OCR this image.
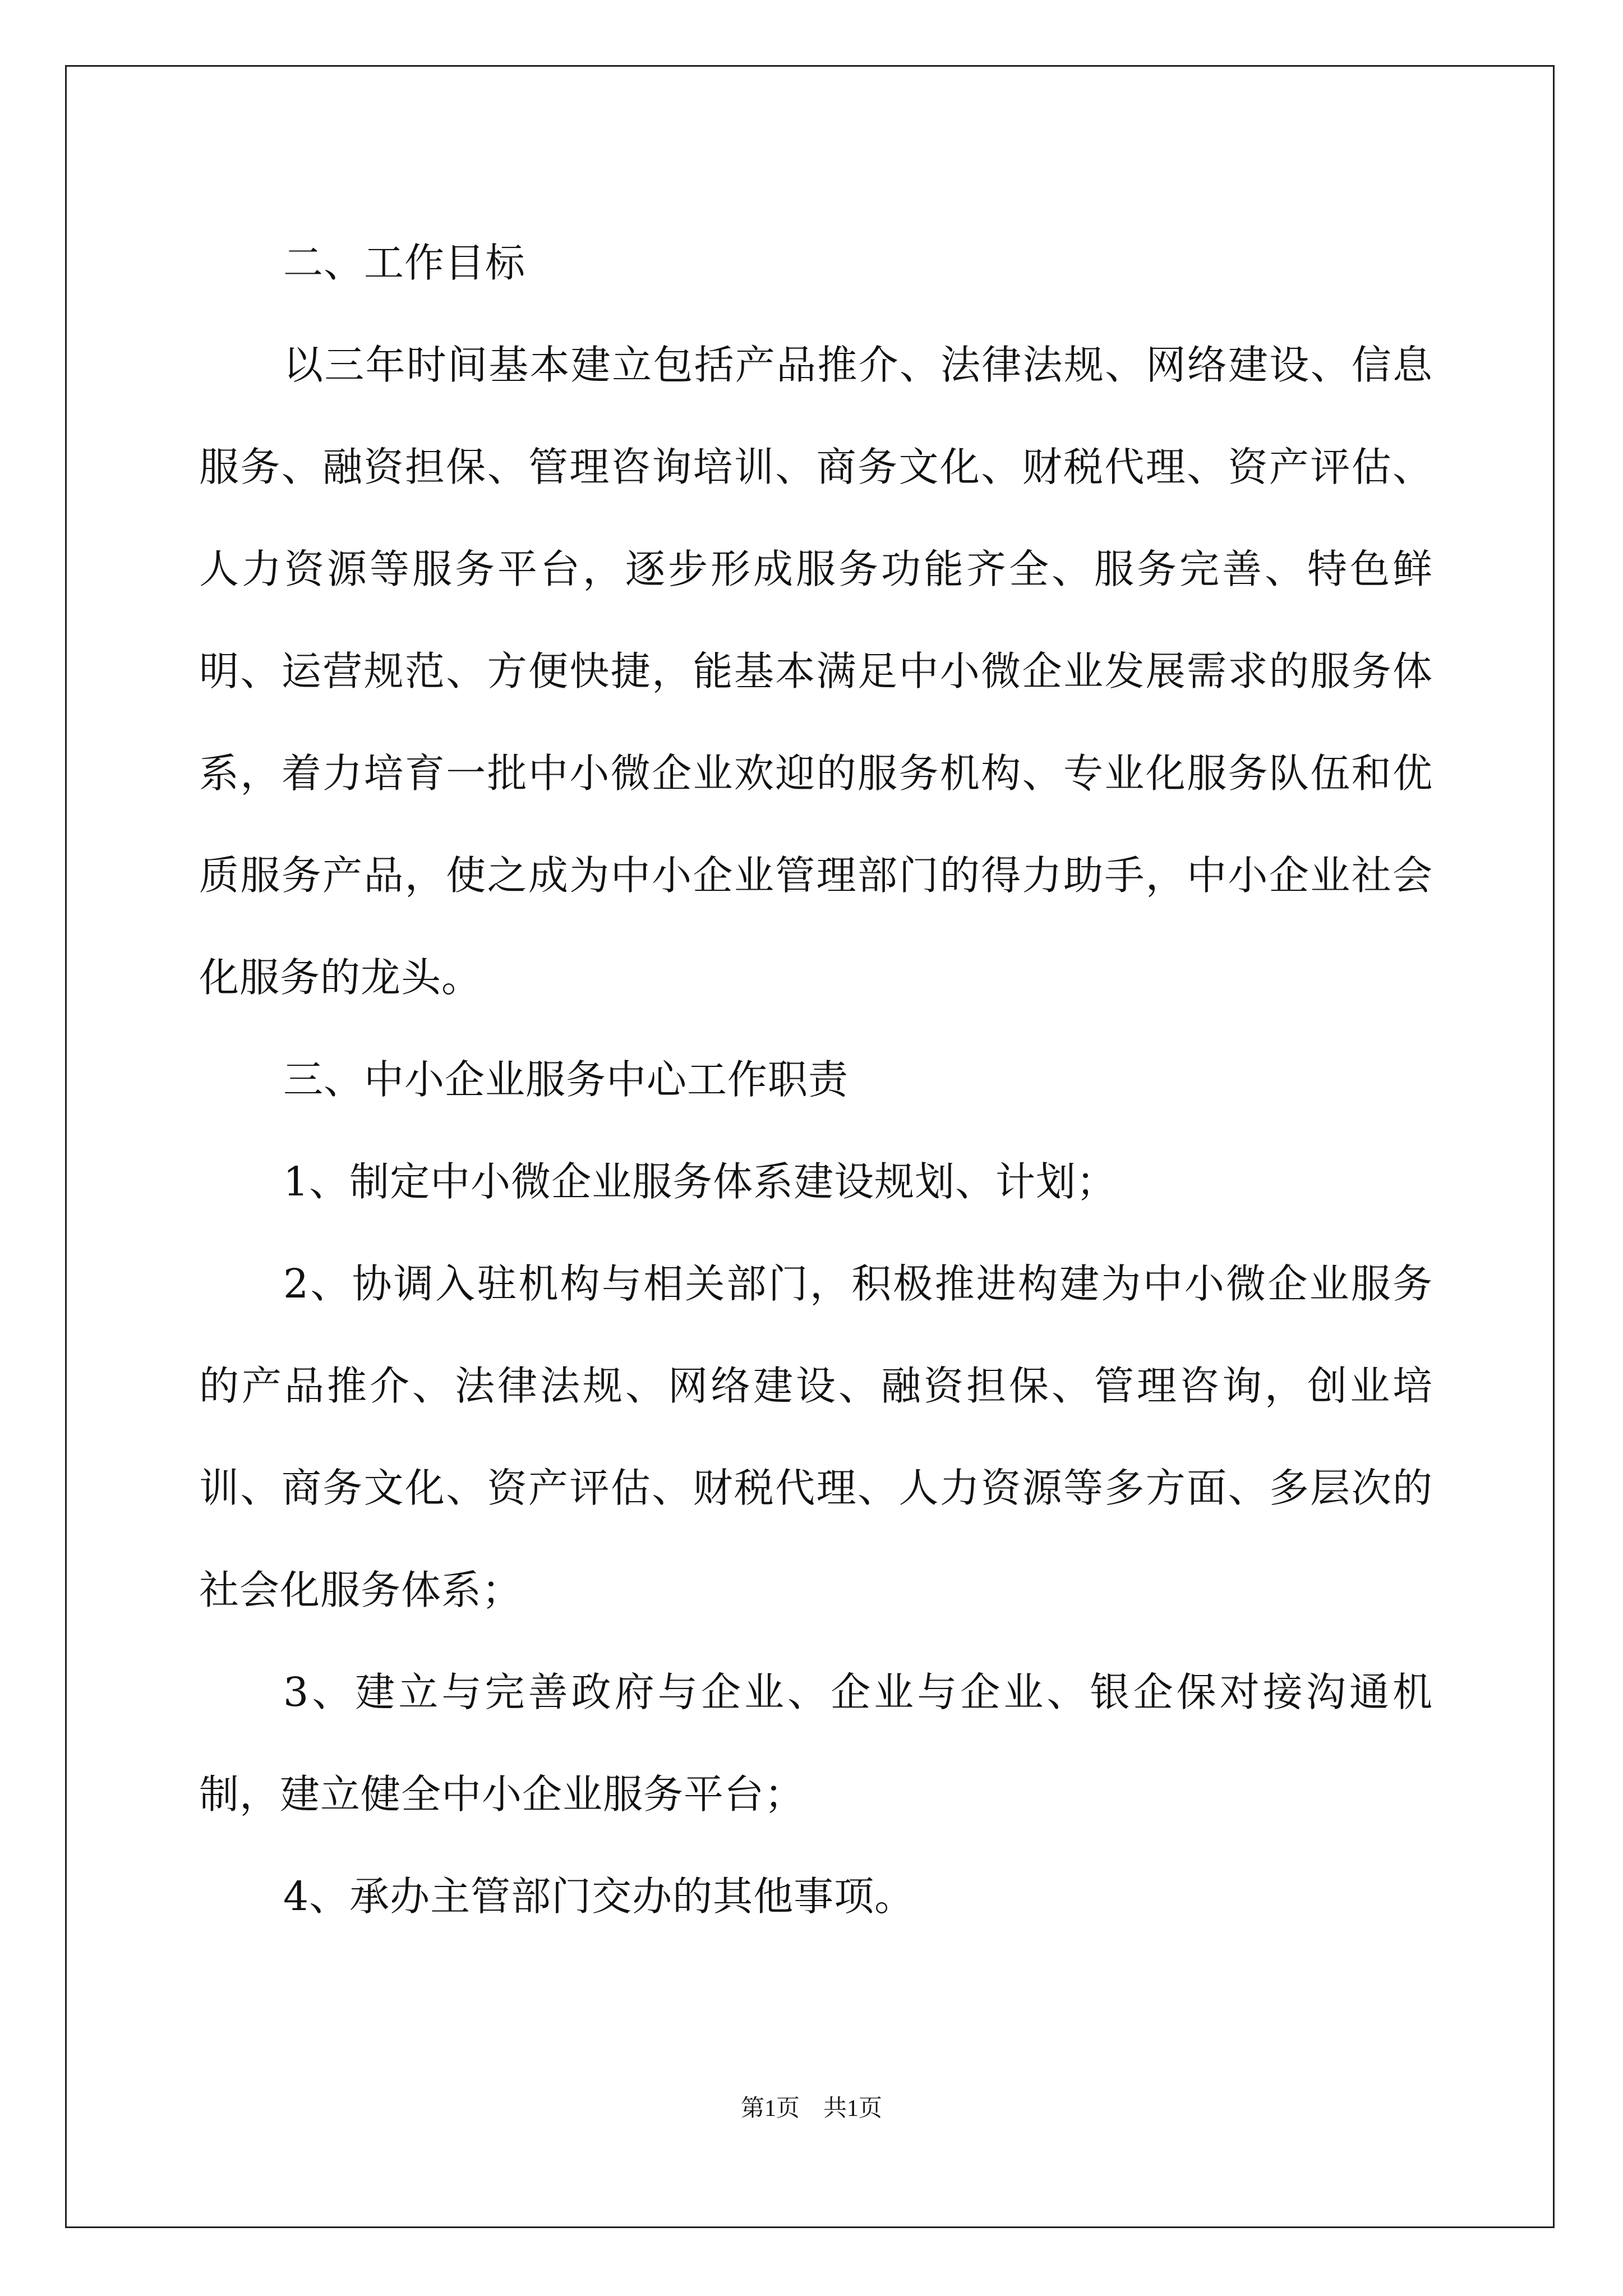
二、工作目标

以三年时间基本建立包括产品推介、法律法规、网络建设、信息服务、融资担保、管理咨询培训、商务文化、财税代理、资产评估、人力资源等服务平台，逐步形成服务功能齐全、服务完善、特色鲜明、运营规范、方便快捷，能基本满足中小微企业发展需求的服务体系，着力培育一批中小微企业欢迎的服务机构、专业化服务队伍和优质服务产品，使之成为中小企业管理部门的得力助手，中小企业社会化服务的龙头。

三、中小企业服务中心工作职责

1、制定中小微企业服务体系建设规划、计划；

2、协调入驻机构与相关部门，积极推进构建为中小微企业服务的产品推介、法律法规、网络建设、融资担保、管理咨询，创业培训、商务文化、资产评估、财税代理、人力资源等多方面、多层次的社会化服务体系；

3、建立与完善政府与企业、企业与企业、银企保对接沟通机制，建立健全中小企业服务平台；

4、承办主管部门交办的其他事项。

第1页　共1页
